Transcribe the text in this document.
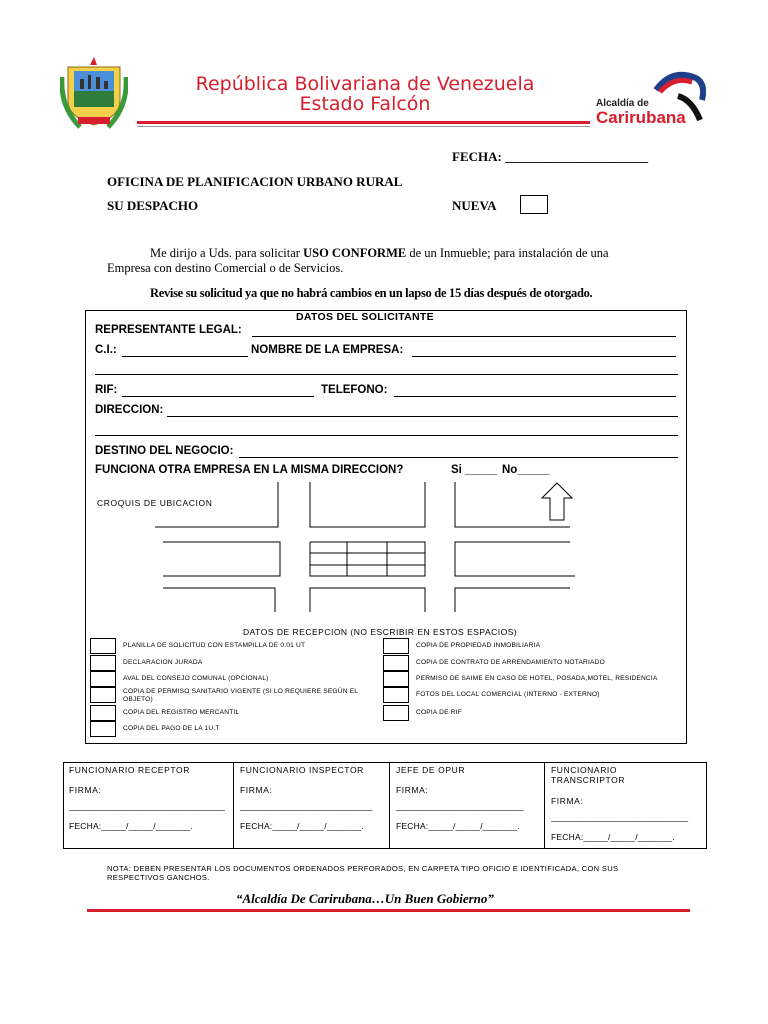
República Bolivariana de Venezuela
Estado Falcón	Alcaldía de
Carirubana
FECHA: ______________________
OFICINA DE PLANIFICACION URBANO RURAL
SU DESPACHO	NUEVA
Me dirijo a Uds. para solicitar USO CONFORME de un Inmueble; para instalación de una
Empresa con destino Comercial o de Servicios.
Revise su solicitud ya que no habrá cambios en un lapso de 15 días después de otorgado.
DATOS DEL SOLICITANTE
REPRESENTANTE LEGAL:
C.I.:	NOMBRE DE LA EMPRESA:
RIF:	TELEFONO:
DIRECCION:
DESTINO DEL NEGOCIO:
FUNCIONA OTRA EMPRESA EN LA MISMA DIRECCION?	Si _____ No_____
CROQUIS DE UBICACION
DATOS DE RECEPCION (NO ESCRIBIR EN ESTOS ESPACIOS)
NOTA: DEBEN PRESENTAR LOS DOCUMENTOS ORDENADOS PERFORADOS, EN CARPETA TIPO OFICIO E IDENTIFICADA, CON SUS RESPECTIVOS GANCHOS.
“Alcaldía De Carirubana…Un Buen Gobierno”
PLANILLA DE SOLICITUD CON ESTAMPILLA DE 0.01 UT
DECLARACION JURADA
AVAL DEL CONSEJO COMUNAL (OPCIONAL)
COPIA DE PERMISO SANITARIO VIGENTE (SI LO REQUIERE SEGÚN EL OBJETO)
COPIA DEL REGISTRO MERCANTIL
COPIA DEL PAGO DE LA 1U.T
COPIA DE PROPIEDAD INMOBILIARIA
COPIA DE CONTRATO DE ARRENDAMIENTO NOTARIADO
PERMISO DE SAIME EN CASO DE HOTEL, POSADA,MOTEL, RESIDENCIA
FOTOS DEL LOCAL COMERCIAL (INTERNO - EXTERNO)
COPIA DE RIF
FUNCIONARIO RECEPTOR
FIRMA:
_________________________________
FECHA:_____/_____/_______.
FUNCIONARIO INSPECTOR
FIRMA:
____________________________
FECHA:_____/_____/_______.
JEFE DE OPUR
FIRMA:
___________________________
FECHA:_____/_____/_______.
FUNCIONARIO TRANSCRIPTOR
FIRMA:
_____________________________
FECHA:_____/_____/_______.
